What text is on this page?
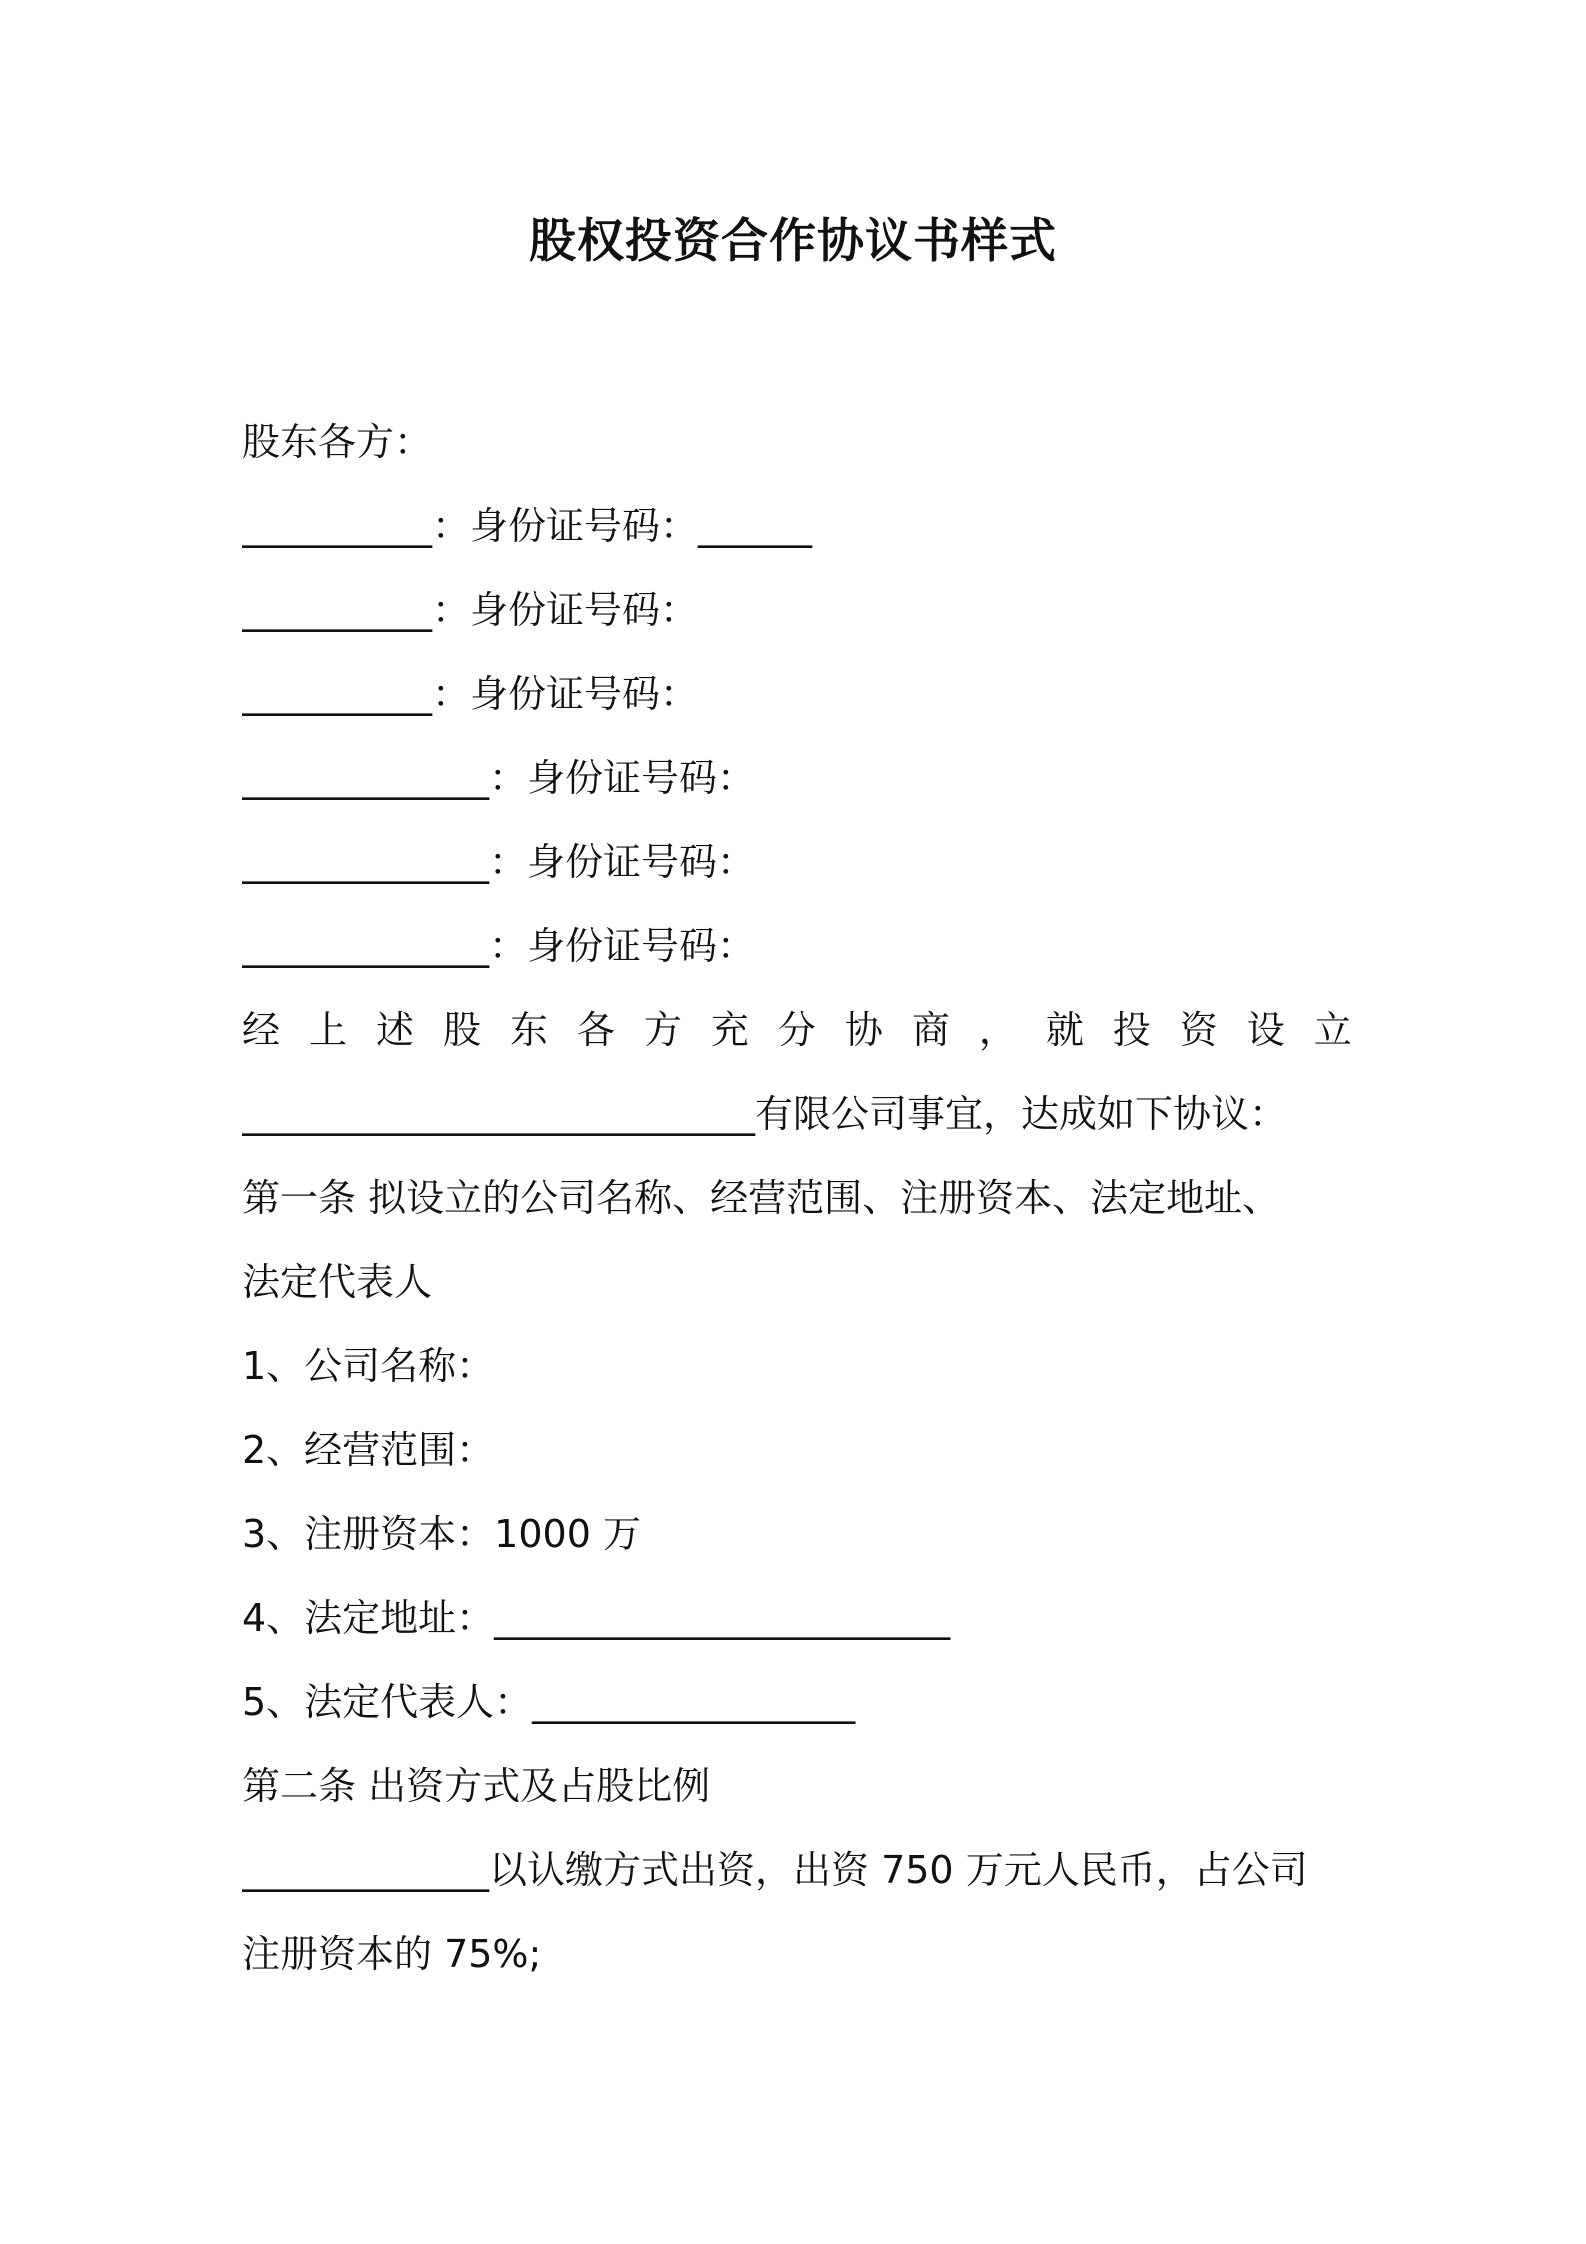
股权投资合作协议书样式
股东各方：
__________：身份证号码：______
__________：身份证号码：
__________：身份证号码：
_____________：身份证号码：
_____________：身份证号码：
_____________：身份证号码：
经 上 述 股 东 各 方 充 分 协 商 ， 就 投 资 设 立
___________________________有限公司事宜，达成如下协议：
第一条 拟设立的公司名称、经营范围、注册资本、法定地址、
法定代表人
1、公司名称：
2、经营范围：
3、注册资本：1000 万
4、法定地址：________________________
5、法定代表人：_________________
第二条 出资方式及占股比例
_____________以认缴方式出资，出资 750 万元人民币，占公司
注册资本的 75%;
